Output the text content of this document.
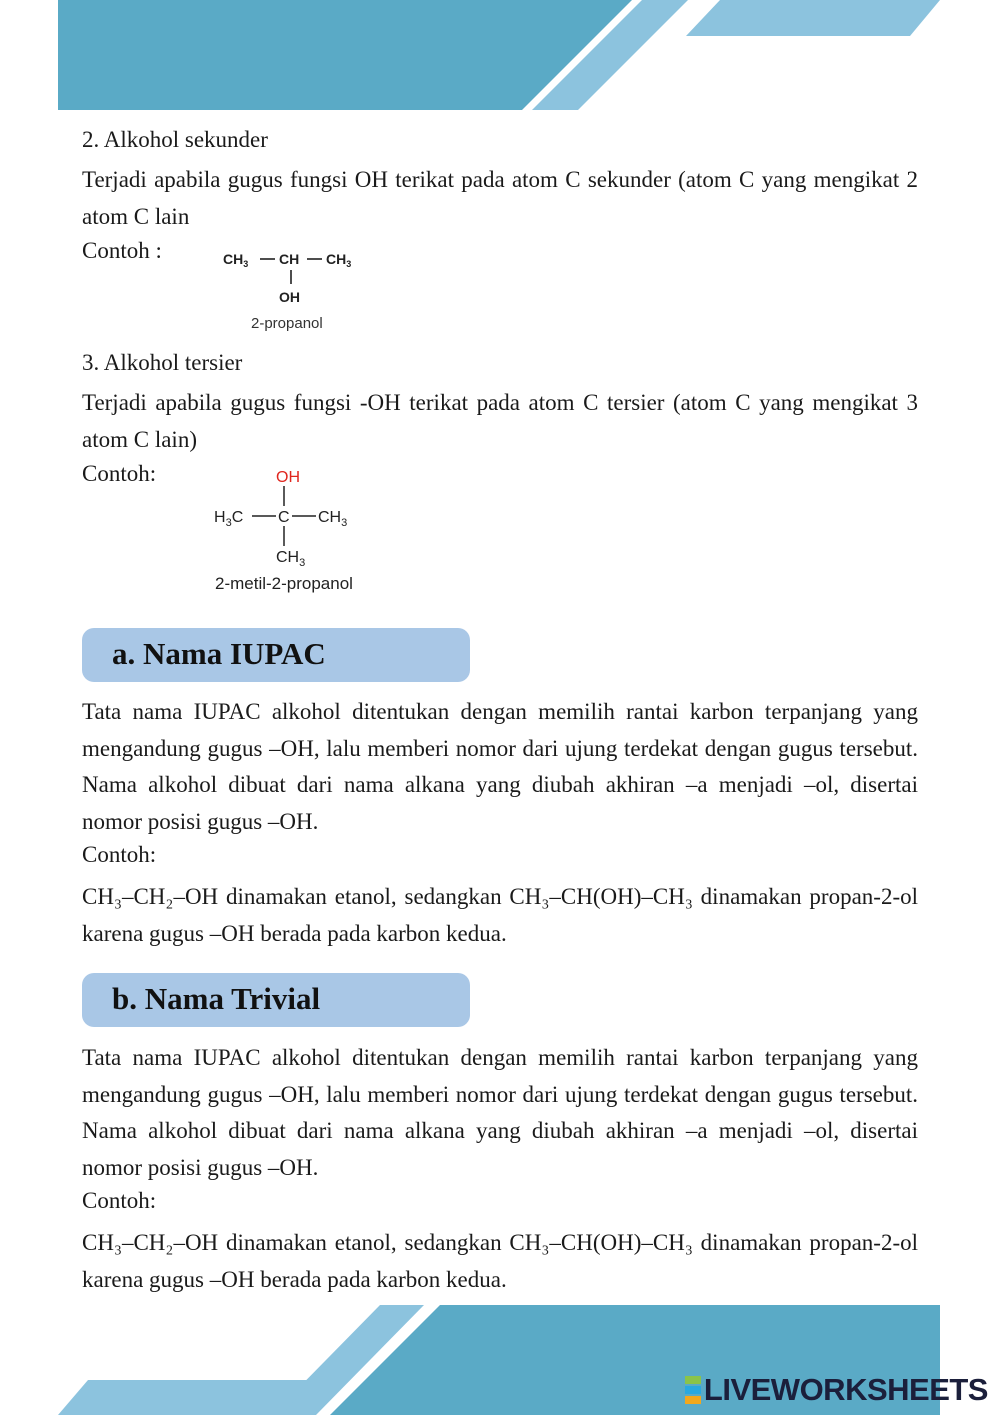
2. Alkohol sekunder

Terjadi apabila gugus fungsi OH terikat pada atom C sekunder (atom C yang mengikat 2 atom C lain

Contoh :	$CH_3$ CH $CH_3$
OH
2-propanol

3. Alkohol tersier

Terjadi apabila gugus fungsi -OH terikat pada atom C tersier (atom C yang mengikat 3 atom C lain)

Contoh:	OH
$H_3C$ C $CH_3$
$CH_3$
2-metil-2-propanol
a. Nama IUPAC

Tata nama IUPAC alkohol ditentukan dengan memilih rantai karbon terpanjang yang mengandung gugus –OH, lalu memberi nomor dari ujung terdekat dengan gugus tersebut. Nama alkohol dibuat dari nama alkana yang diubah akhiran –a menjadi –ol, disertai nomor posisi gugus –OH.

Contoh:

CH₃–CH₂–OH dinamakan etanol, sedangkan CH₃–CH(OH)–CH₃ dinamakan propan-2-ol karena gugus –OH berada pada karbon kedua.

b. Nama Trivial

Tata nama IUPAC alkohol ditentukan dengan memilih rantai karbon terpanjang yang mengandung gugus –OH, lalu memberi nomor dari ujung terdekat dengan gugus tersebut. Nama alkohol dibuat dari nama alkana yang diubah akhiran –a menjadi –ol, disertai nomor posisi gugus –OH.

Contoh:

CH₃–CH₂–OH dinamakan etanol, sedangkan CH₃–CH(OH)–CH₃ dinamakan propan-2-ol karena gugus –OH berada pada karbon kedua.

LIVEWORKSHEETS
